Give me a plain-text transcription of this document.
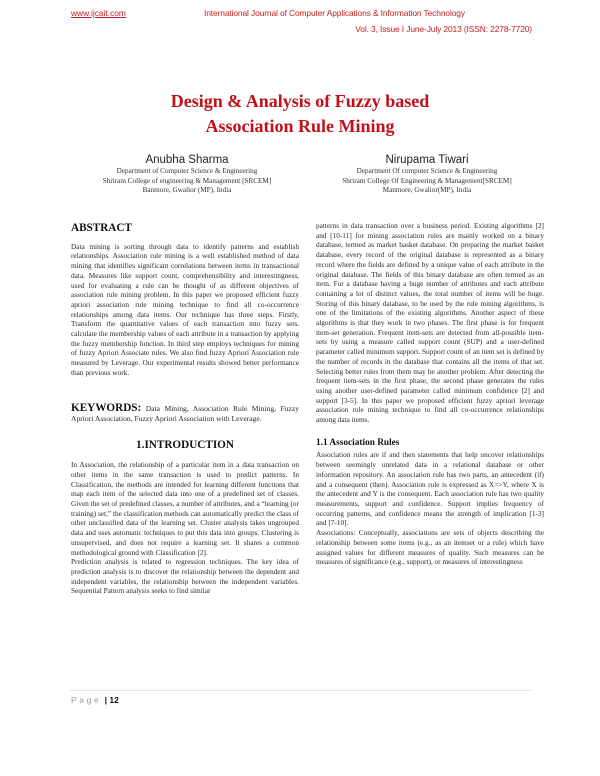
www.ijcait.com	International Journal of Computer Applications & Information Technology
Vol. 3, Issue I June-July 2013 (ISSN: 2278-7720)
Design & Analysis of Fuzzy based
Association Rule Mining
Anubha Sharma
Department of Computer Science & Engineering
Shriram College of engineering & Management [SRCEM]
Banmore, Gwalior (MP), India
Nirupama Tiwari
Department Of computer Science & Engineering
Shriram College Of Engineering & Management[SRCEM]
Manmore, Gwalior(MP), India
ABSTRACT

Data mining is sorting through data to identify patterns and establish relationships. Association rule mining is a well established method of data mining that identifies significant correlations between items in transactional data. Measures like support count, comprehensibility and interestingness, used for evaluating a rule can be thought of as different objectives of association rule mining problem. In this paper we proposed efficient fuzzy apriori association rule mining technique to find all co-occurrence relationships among data items. Our technique has three steps. Firstly, Transform the quantitative values of each transaction into fuzzy sets. calculate the membership values of each attribute in a transaction by applying the fuzzy membership function. In third step employs techniques for mining of fuzzy Apriori Associate rules. We also find fuzzy Apriori Association rule measured by Leverage. Our experimental results showed better performance than previous work.

KEYWORDS: Data Mining, Association Rule Mining, Fuzzy Apriori Association, Fuzzy Apriori Association with Leverage.
1.INTRODUCTION

In Association, the relationship of a particular item in a data transaction on other items in the same transaction is used to predict patterns. In Classification, the methods are intended for learning different functions that map each item of the selected data into one of a predefined set of classes. Given the set of predefined classes, a number of attributes, and a “learning (or training) set,” the classification methods can automatically predict the class of other unclassified data of the learning set. Cluster analysis takes ungrouped data and uses automatic techniques to put this data into groups. Clustering is unsupervised, and does not require a learning set. It shares a common methodological ground with Classification [2].

Prediction analysis is related to regression techniques. The key idea of prediction analysis is to discover the relationship between the dependent and independent variables, the relationship between the independent variables. Sequential Pattern analysis seeks to find similar

patterns in data transaction over a business period. Existing algorithms [2] and [10-11] for mining association rules are mainly worked on a binary database, termed as market basket database. On preparing the market basket database, every record of the original database is represented as a binary record where the fields are defined by a unique value of each attribute in the original database. The fields of this binary database are often termed as an item. For a database having a huge number of attributes and each attribute containing a lot of distinct values, the total number of items will be huge. Storing of this binary database, to be used by the rule mining algorithms, is one of the limitations of the existing algorithms. Another aspect of these algorithms is that they work in two phases. The first phase is for frequent item-set generation. Frequent item-sets are detected from all-possible item-sets by using a measure called support count (SUP) and a user-defined parameter called minimum support. Support count of an item set is defined by the number of records in the database that contains all the items of that set. Selecting better rules from them may be another problem. After detecting the frequent item-sets in the first phase, the second phase generates the rules using another user-defined parameter called minimum confidence [2] and support [3-5]. In this paper we proposed efficient fuzzy apriori leverage association rule mining technique to find all co-occurrence relationships among data items.

1.1 Association Rules

Association rules are if and then statements that help uncover relationships between seemingly unrelated data in a relational database or other information repository. An association rule has two parts, an antecedent (if) and a consequent (then). Association rule is expressed as X=>Y, where X is the antecedent and Y is the consequent. Each association rule has two quality measurements, support and confidence. Support implies frequency of occurring patterns, and confidence means the strength of implication [1-3] and [7-10].

Associations: Conceptually, associations are sets of objects describing the relationship between some items (e.g., as an itemset or a rule) which have assigned values for different measures of quality. Such measures can be measures of significance (e.g., support), or measures of interestingness

Page | 12
